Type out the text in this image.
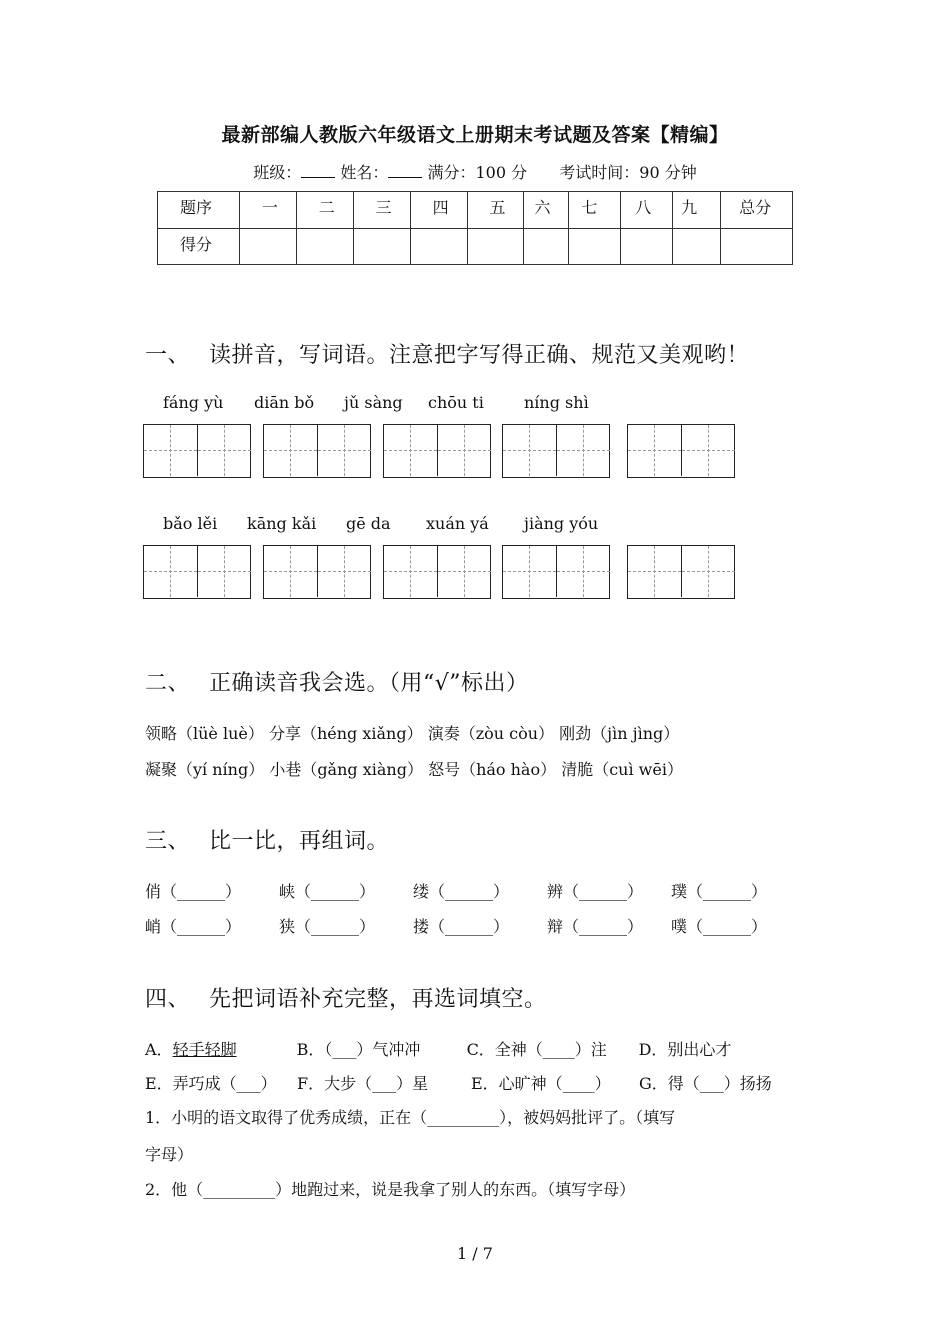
最新部编人教版六年级语文上册期末考试题及答案【精编】
班级： 姓名： 满分：100 分 考试时间：90 分钟
题序	一	二	三	四	五	六	七	八	九	总分
得分										
一、 读拼音，写词语。注意把字写得正确、规范又美观哟！
fáng yù diān bǒ jǔ sàng chōu ti	níng shì
bǎo lěi kāng kǎi gē da xuán yá jiàng yóu
二、 正确读音我会选。（用“√”标出）
领略（lüè luè） 分享（héng xiǎng） 演奏（zòu còu） 刚劲（jìn jìng）
凝聚（yí níng） 小巷（gǎng xiàng） 怒号（háo hào） 清脆（cuì wēi）
三、 比一比，再组词。
俏（______） 峡（______） 缕（______） 辨（______） 璞（______）
峭（______） 狭（______） 搂（______） 辩（______） 噗（______）
四、 先把词语补充完整，再选词填空。
A．轻手轻脚	B．（___）气冲冲	C．全神（____）注 D．别出心才
E．弄巧成（___） F．大步（___）星	E．心旷神（____） G．得（___）扬扬
1．小明的语文取得了优秀成绩，正在（_________），被妈妈批评了。（填写
字母）
2．他（_________）地跑过来，说是我拿了别人的东西。（填写字母）
1 / 7
